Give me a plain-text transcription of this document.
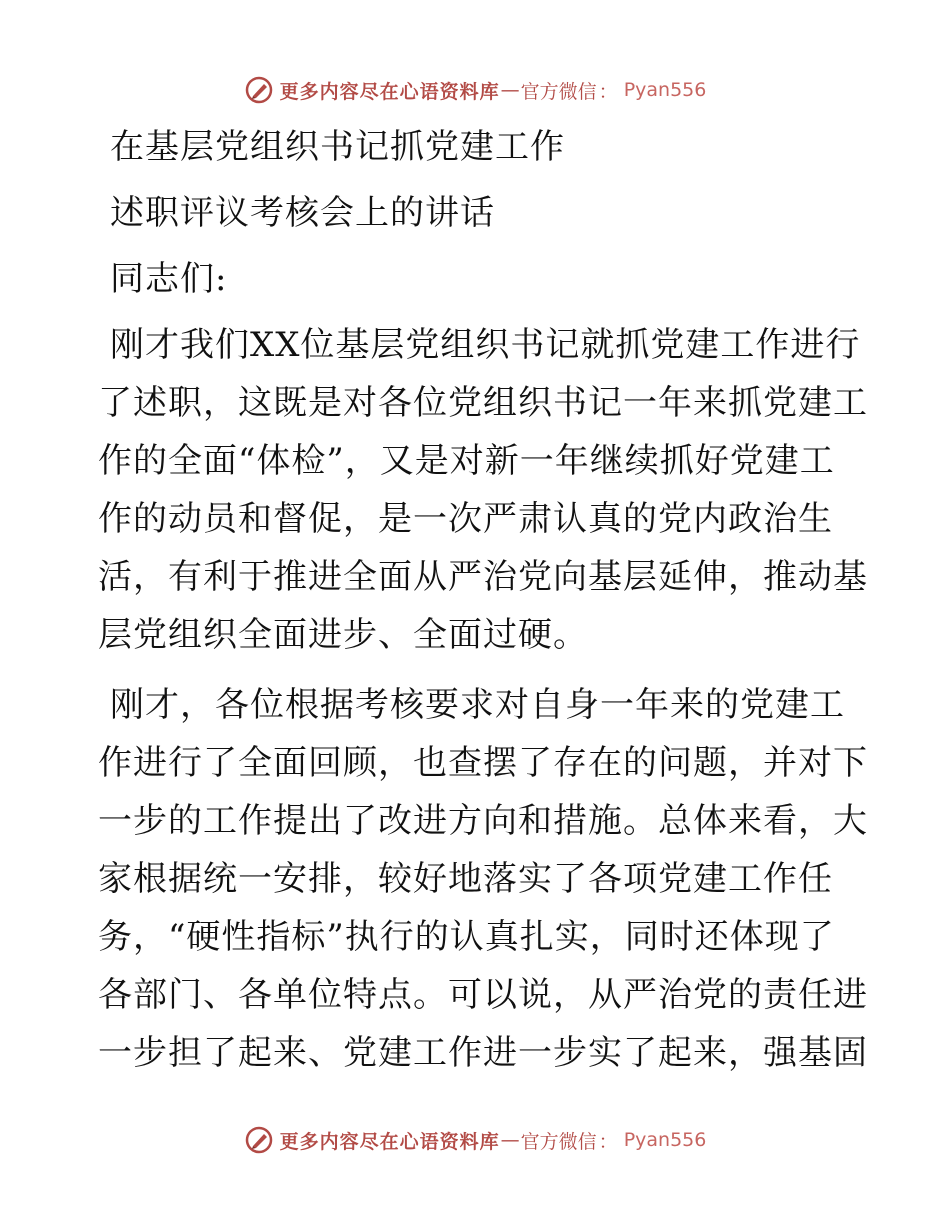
更多内容尽在心语资料库 — 官方微信 ： Pyan556
在基层党组织书记抓党建工作
述职评议考核会上的讲话
同志们:
刚才我们XX位基层党组织书记就抓党建工作进行
了述职，这既是对各位党组织书记一年来抓党建工
作的全面“体检”，又是对新一年继续抓好党建工
作的动员和督促，是一次严肃认真的党内政治生
活，有利于推进全面从严治党向基层延伸，推动基
层党组织全面进步、全面过硬。
刚才，各位根据考核要求对自身一年来的党建工
作进行了全面回顾，也查摆了存在的问题，并对下
一步的工作提出了改进方向和措施。总体来看，大
家根据统一安排，较好地落实了各项党建工作任
务，“硬性指标”执行的认真扎实，同时还体现了
各部门、各单位特点。可以说，从严治党的责任进
一步担了起来、党建工作进一步实了起来，强基固
更多内容尽在心语资料库 — 官方微信 ： Pyan556
